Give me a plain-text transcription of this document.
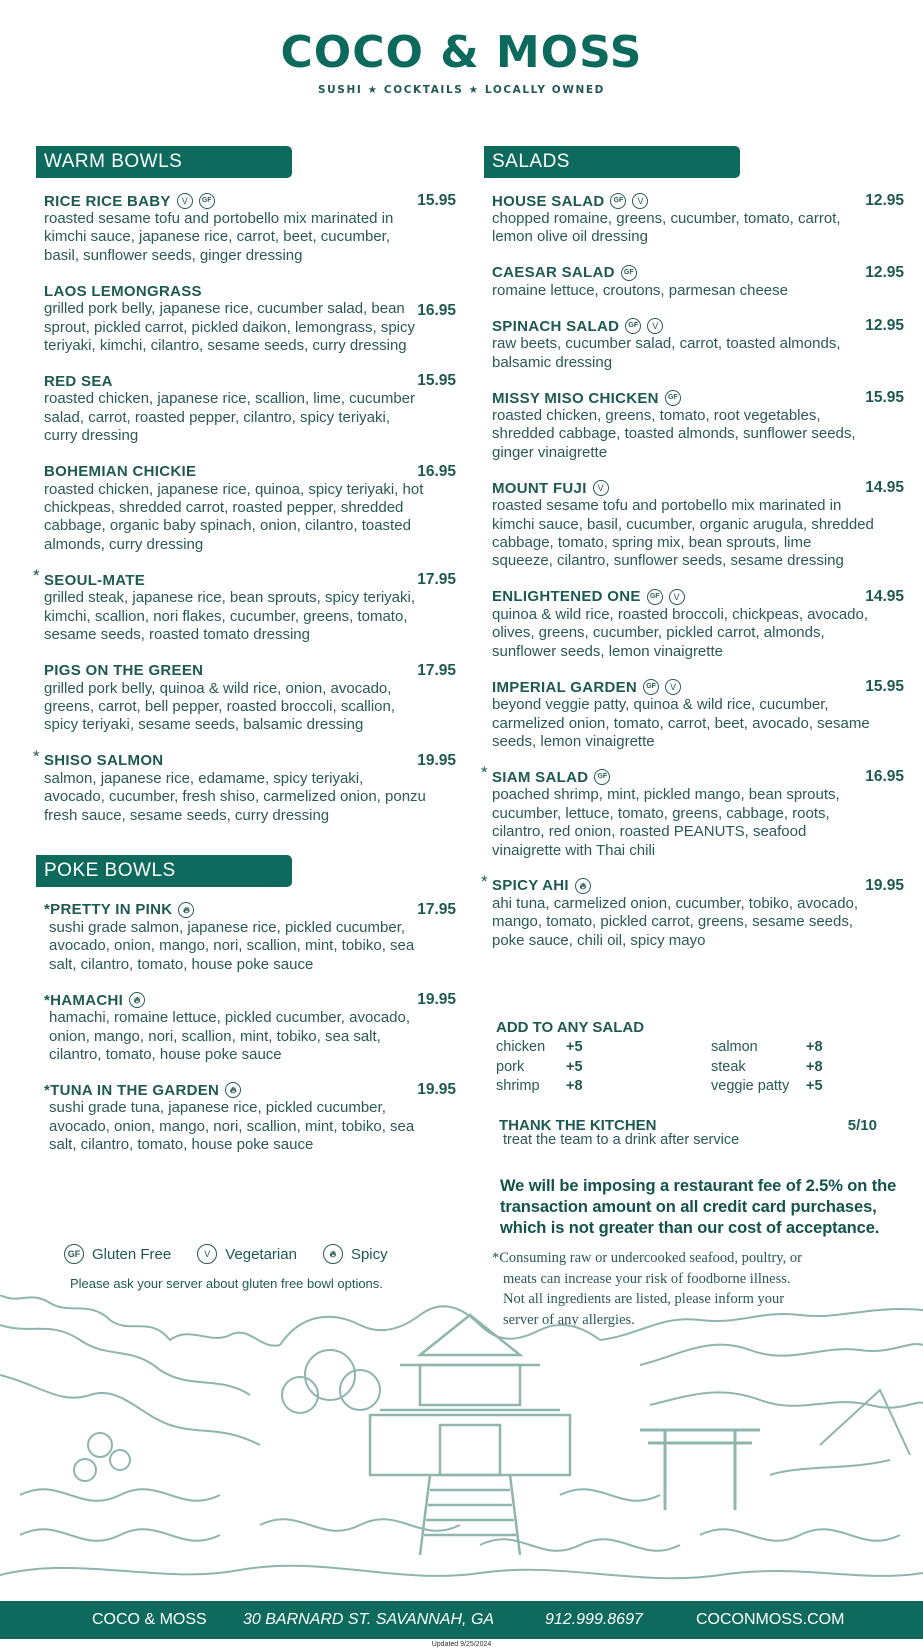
COCO & MOSS
SUSHI ★ COCKTAILS ★ LOCALLY OWNED
WARM BOWLS
RICE RICE BABY	V	GF	15.95
roasted sesame tofu and portobello mix marinated in kimchi sauce, japanese rice, carrot, beet, cucumber, basil, sunflower seeds, ginger dressing
LAOS LEMONGRASS
16.95
grilled pork belly, japanese rice, cucumber salad, bean sprout, pickled carrot, pickled daikon, lemongrass, spicy teriyaki, kimchi, cilantro, sesame seeds, curry dressing
RED SEA	15.95
roasted chicken, japanese rice, scallion, lime, cucumber salad, carrot, roasted pepper, cilantro, spicy teriyaki, curry dressing
BOHEMIAN CHICKIE	16.95
roasted chicken, japanese rice, quinoa, spicy teriyaki, hot chickpeas, shredded carrot, roasted pepper, shredded cabbage, organic baby spinach, onion, cilantro, toasted almonds, curry dressing
* SEOUL-MATE	17.95
grilled steak, japanese rice, bean sprouts, spicy teriyaki, kimchi, scallion, nori flakes, cucumber, greens, tomato, sesame seeds, roasted tomato dressing
PIGS ON THE GREEN	17.95
grilled pork belly, quinoa & wild rice, onion, avocado, greens, carrot, bell pepper, roasted broccoli, scallion, spicy teriyaki, sesame seeds, balsamic dressing
* SHISO SALMON	19.95
salmon, japanese rice, edamame, spicy teriyaki, avocado, cucumber, fresh shiso, carmelized onion, ponzu fresh sauce, sesame seeds, curry dressing
POKE BOWLS
*PRETTY IN PINK	🔥︎	17.95
sushi grade salmon, japanese rice, pickled cucumber, avocado, onion, mango, nori, scallion, mint, tobiko, sea salt, cilantro, tomato, house poke sauce
*HAMACHI	🔥︎	19.95
hamachi, romaine lettuce, pickled cucumber, avocado, onion, mango, nori, scallion, mint, tobiko, sea salt, cilantro, tomato, house poke sauce
*TUNA IN THE GARDEN	🔥︎	19.95
sushi grade tuna, japanese rice, pickled cucumber, avocado, onion, mango, nori, scallion, mint, tobiko, sea salt, cilantro, tomato, house poke sauce
SALADS
HOUSE SALAD	GF	V	12.95
chopped romaine, greens, cucumber, tomato, carrot, lemon olive oil dressing
CAESAR SALAD	GF	12.95
romaine lettuce, croutons, parmesan cheese
SPINACH SALAD	GF	V	12.95
raw beets, cucumber salad, carrot, toasted almonds, balsamic dressing
MISSY MISO CHICKEN	GF	15.95
roasted chicken, greens, tomato, root vegetables, shredded cabbage, toasted almonds, sunflower seeds, ginger vinaigrette
MOUNT FUJI	V	14.95
roasted sesame tofu and portobello mix marinated in kimchi sauce, basil, cucumber, organic arugula, shredded cabbage, tomato, spring mix, bean sprouts, lime squeeze, cilantro, sunflower seeds, sesame dressing
ENLIGHTENED ONE	GF	V	14.95
quinoa & wild rice, roasted broccoli, chickpeas, avocado, olives, greens, cucumber, pickled carrot, almonds, sunflower seeds, lemon vinaigrette
IMPERIAL GARDEN	GF	V	15.95
beyond veggie patty, quinoa & wild rice, cucumber, carmelized onion, tomato, carrot, beet, avocado, sesame seeds, lemon vinaigrette
* SIAM SALAD	GF	16.95
poached shrimp, mint, pickled mango, bean sprouts, cucumber, lettuce, tomato, greens, cabbage, roots, cilantro, red onion, roasted PEANUTS, seafood vinaigrette with Thai chili
* SPICY AHI	🔥︎	19.95
ahi tuna, carmelized onion, cucumber, tobiko, avocado, mango, tomato, pickled carrot, greens, sesame seeds, poke sauce, chili oil, spicy mayo
ADD TO ANY SALAD
chicken	+5	salmon	+8
pork	+5	steak	+8
shrimp	+8	veggie patty	+5
THANK THE KITCHEN	5/10
treat the team to a drink after service
We will be imposing a restaurant fee of 2.5% on the transaction amount on all credit card purchases, which is not greater than our cost of acceptance.
*Consuming raw or undercooked seafood, poultry, or
meats can increase your risk of foodborne illness.
Not all ingredients are listed, please inform your
server of any allergies.
GF Gluten Free	V	Vegetarian	🔥︎ Spicy
Please ask your server about gluten free bowl options.
COCO & MOSS 30 BARNARD ST. SAVANNAH, GA	912.999.8697	COCONMOSS.COM
Updated 9/25/2024
